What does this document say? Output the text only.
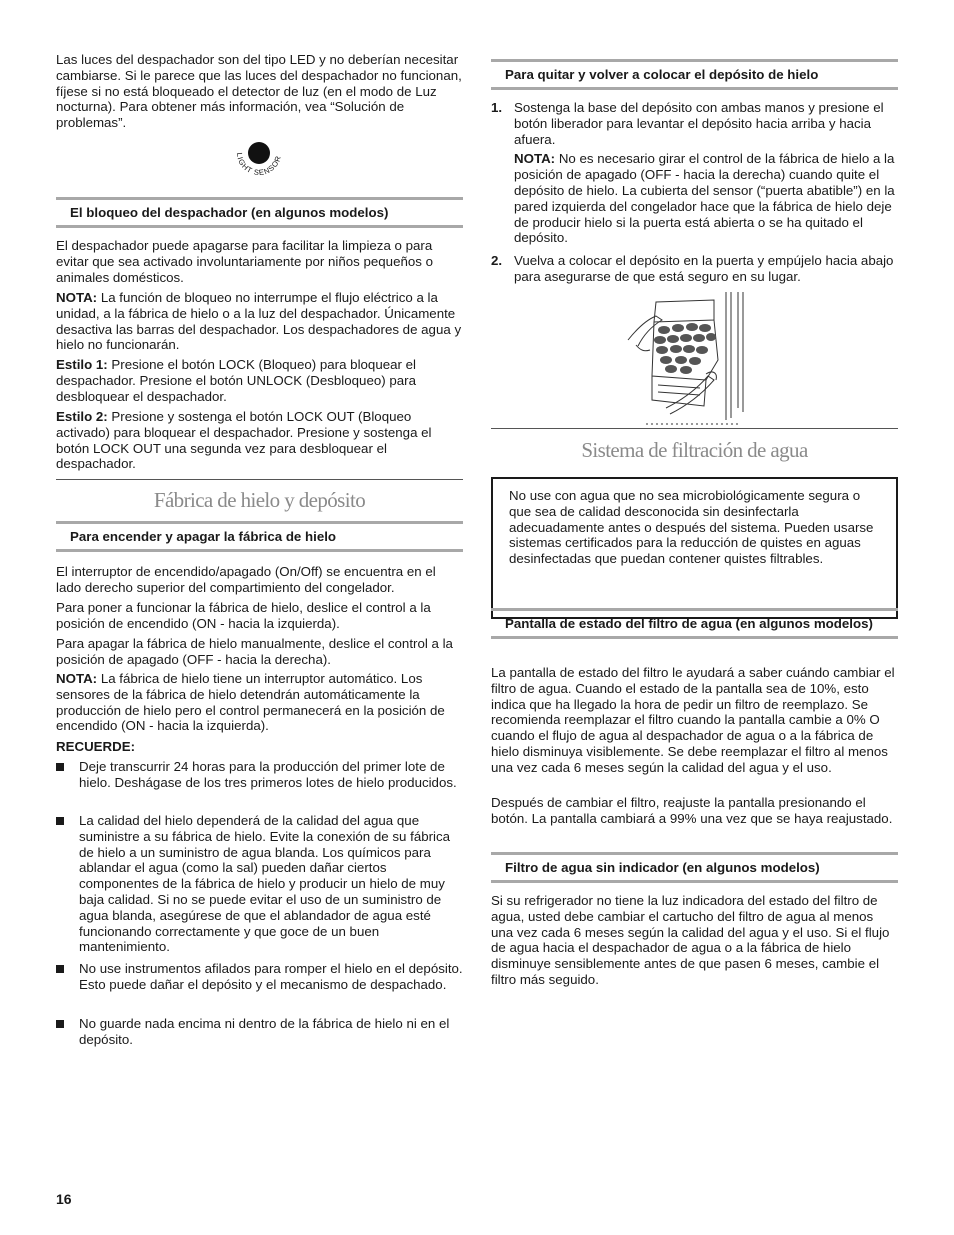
Las luces del despachador son del tipo LED y no deberían necesitar cambiarse. Si le parece que las luces del despachador no funcionan, fíjese si no está bloqueado el detector de luz (en el modo de Luz nocturna). Para obtener más información, vea “Solución de problemas”.

LIGHT SENSOR
El bloqueo del despachador (en algunos modelos)

El despachador puede apagarse para facilitar la limpieza o para evitar que sea activado involuntariamente por niños pequeños o animales domésticos.

NOTA: La función de bloqueo no interrumpe el flujo eléctrico a la unidad, a la fábrica de hielo o a la luz del despachador. Únicamente desactiva las barras del despachador. Los despachadores de agua y hielo no funcionarán.

Estilo 1: Presione el botón LOCK (Bloqueo) para bloquear el despachador. Presione el botón UNLOCK (Desbloqueo) para desbloquear el despachador.

Estilo 2: Presione y sostenga el botón LOCK OUT (Bloqueo activado) para bloquear el despachador. Presione y sostenga el botón LOCK OUT una segunda vez para desbloquear el despachador.

Fábrica de hielo y depósito
Para encender y apagar la fábrica de hielo

El interruptor de encendido/apagado (On/Off) se encuentra en el lado derecho superior del compartimiento del congelador.

Para poner a funcionar la fábrica de hielo, deslice el control a la posición de encendido (ON - hacia la izquierda).

Para apagar la fábrica de hielo manualmente, deslice el control a la posición de apagado (OFF - hacia la derecha).

NOTA: La fábrica de hielo tiene un interruptor automático. Los sensores de la fábrica de hielo detendrán automáticamente la producción de hielo pero el control permanecerá en la posición de encendido (ON - hacia la izquierda).

RECUERDE:

Deje transcurrir 24 horas para la producción del primer lote de hielo. Deshágase de los tres primeros lotes de hielo producidos.

La calidad del hielo dependerá de la calidad del agua que suministre a su fábrica de hielo. Evite la conexión de su fábrica de hielo a un suministro de agua blanda. Los químicos para ablandar el agua (como la sal) pueden dañar ciertos componentes de la fábrica de hielo y producir un hielo de muy baja calidad. Si no se puede evitar el uso de un suministro de agua blanda, asegúrese de que el ablandador de agua esté funcionando correctamente y que goce de un buen mantenimiento.

No use instrumentos afilados para romper el hielo en el depósito. Esto puede dañar el depósito y el mecanismo de despachado.

No guarde nada encima ni dentro de la fábrica de hielo ni en el depósito.

Para quitar y volver a colocar el depósito de hielo
1. Sostenga la base del depósito con ambas manos y presione el botón liberador para levantar el depósito hacia arriba y hacia afuera.

NOTA: No es necesario girar el control de la fábrica de hielo a la posición de apagado (OFF - hacia la derecha) cuando quite el depósito de hielo. La cubierta del sensor (“puerta abatible”) en la pared izquierda del congelador hace que la fábrica de hielo deje de producir hielo si la puerta está abierta o se ha quitado el depósito.

2. Vuelva a colocar el depósito en la puerta y empújelo hacia abajo para asegurarse de que está seguro en su lugar.

Sistema de filtración de agua

No use con agua que no sea microbiológicamente segura o que sea de calidad desconocida sin desinfectarla adecuadamente antes o después del sistema. Pueden usarse sistemas certificados para la reducción de quistes en aguas desinfectadas que puedan contener quistes filtrables.

Pantalla de estado del filtro de agua (en algunos modelos)

La pantalla de estado del filtro le ayudará a saber cuándo cambiar el filtro de agua. Cuando el estado de la pantalla sea de 10%, esto indica que ha llegado la hora de pedir un filtro de reemplazo. Se recomienda reemplazar el filtro cuando la pantalla cambie a 0% O cuando el flujo de agua al despachador de agua o a la fábrica de hielo disminuya visiblemente. Se debe reemplazar el filtro al menos una vez cada 6 meses según la calidad del agua y el uso.

Después de cambiar el filtro, reajuste la pantalla presionando el botón. La pantalla cambiará a 99% una vez que se haya reajustado.

Filtro de agua sin indicador (en algunos modelos)

Si su refrigerador no tiene la luz indicadora del estado del filtro de agua, usted debe cambiar el cartucho del filtro de agua al menos una vez cada 6 meses según la calidad del agua y el uso. Si el flujo de agua hacia el despachador de agua o a la fábrica de hielo disminuye sensiblemente antes de que pasen 6 meses, cambie el filtro más seguido.

16
